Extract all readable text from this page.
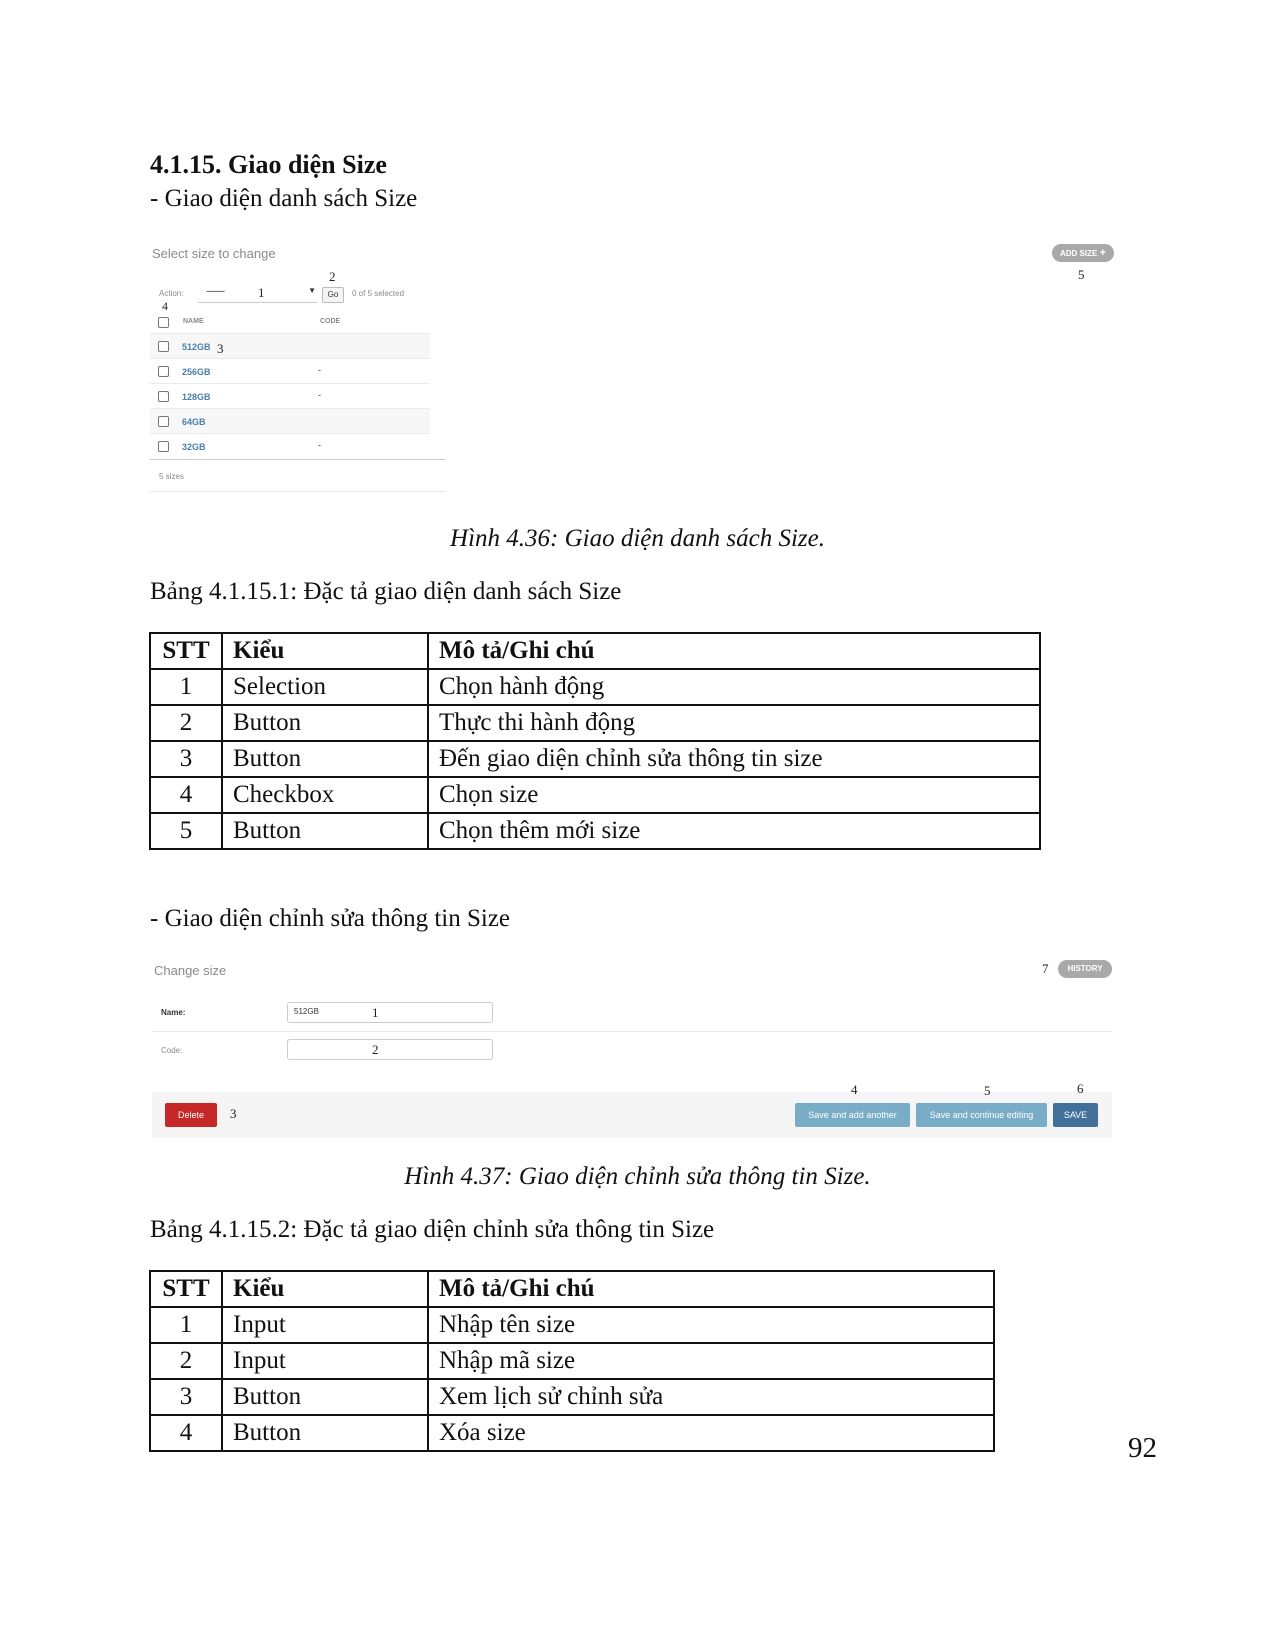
4.1.15. Giao diện Size
- Giao diện danh sách Size
Select size to change	ADD SIZE +
5
2
Action:
4
---------	1	▼	Go	0 of 5 selected
NAME	CODE
512GB 3
256GB	-
128GB	-
64GB
32GB	-
5 sizes
Hình 4.36: Giao diện danh sách Size.
Bảng 4.1.15.1: Đặc tả giao diện danh sách Size
STT	Kiểu	Mô tả/Ghi chú
1	Selection	Chọn hành động
2	Button	Thực thi hành động
3	Button	Đến giao diện chỉnh sửa thông tin size
4	Checkbox	Chọn size
5	Button	Chọn thêm mới size
- Giao diện chỉnh sửa thông tin Size
Change size	7	HISTORY
Name:	512GB	1
Code:	2
4	5	6
Delete	3	Save and add another	Save and continue editing	SAVE
Hình 4.37: Giao diện chỉnh sửa thông tin Size.
Bảng 4.1.15.2: Đặc tả giao diện chỉnh sửa thông tin Size
STT	Kiểu	Mô tả/Ghi chú
1	Input	Nhập tên size
2	Input	Nhập mã size
3	Button	Xem lịch sử chỉnh sửa
4	Button	Xóa size	92
